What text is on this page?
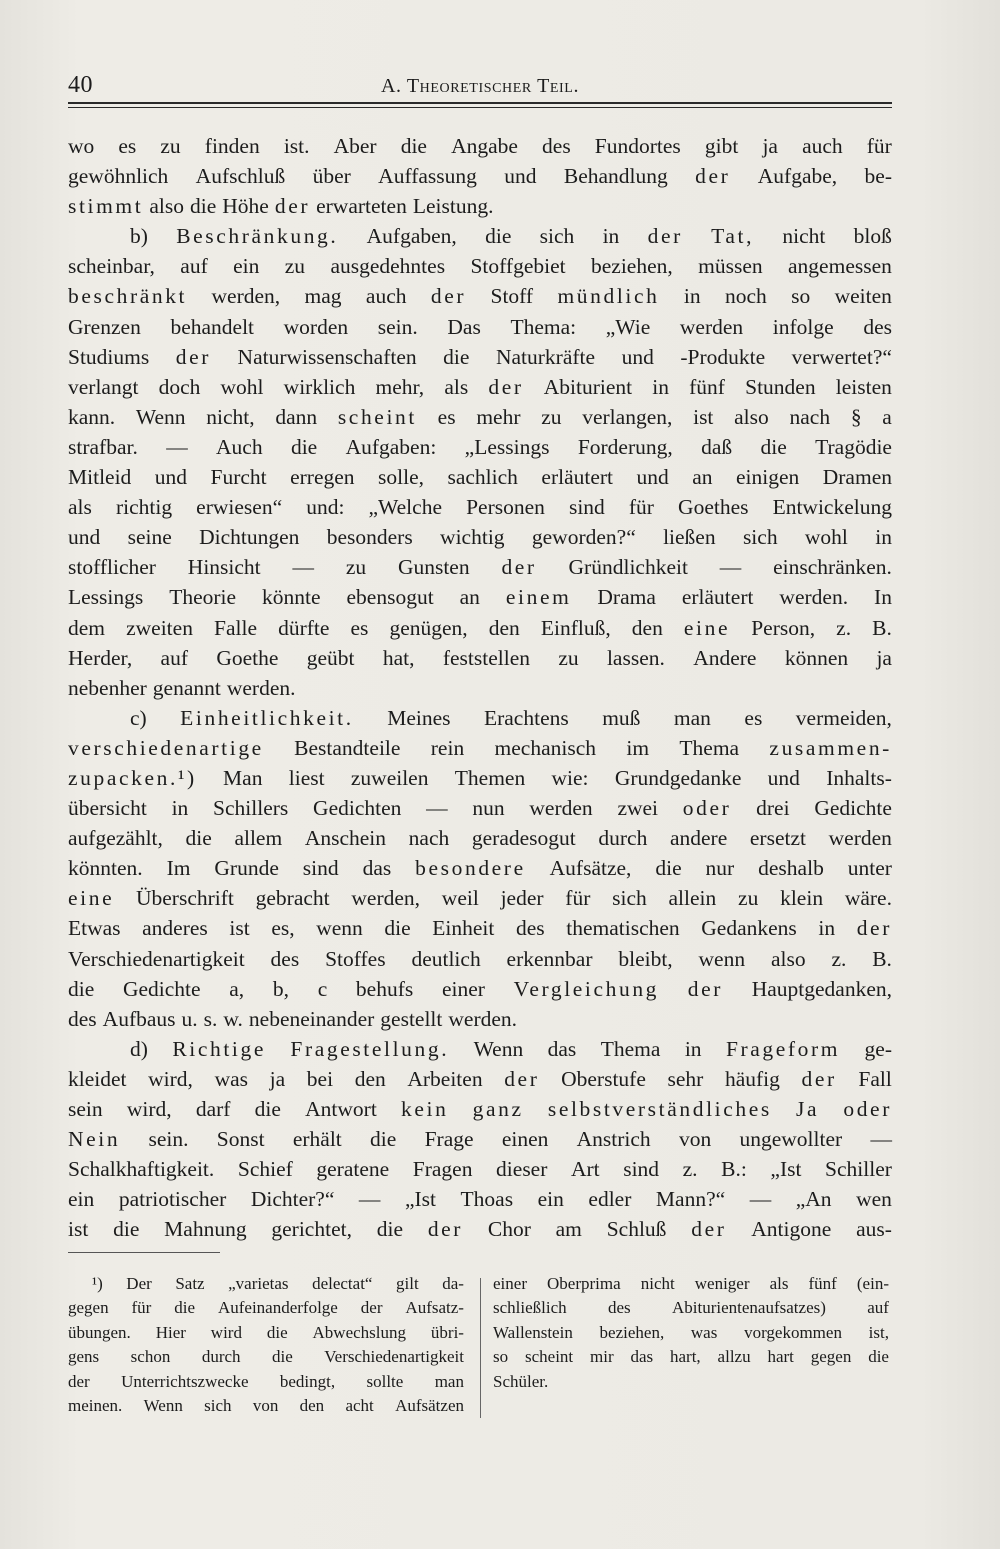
40	A. Theoretischer Teil.
wo es zu finden ist. Aber die Angabe des Fundortes gibt ja auch für
gewöhnlich Aufschluß über Auffassung und Behandlung der Aufgabe, be-
stimmt also die Höhe der erwarteten Leistung.
b) Beschränkung. Aufgaben, die sich in der Tat, nicht bloß
scheinbar, auf ein zu ausgedehntes Stoffgebiet beziehen, müssen angemessen
beschränkt werden, mag auch der Stoff mündlich in noch so weiten
Grenzen behandelt worden sein. Das Thema: „Wie werden infolge des
Studiums der Naturwissenschaften die Naturkräfte und -Produkte verwertet?“
verlangt doch wohl wirklich mehr, als der Abiturient in fünf Stunden leisten
kann. Wenn nicht, dann scheint es mehr zu verlangen, ist also nach § a
strafbar. — Auch die Aufgaben: „Lessings Forderung, daß die Tragödie
Mitleid und Furcht erregen solle, sachlich erläutert und an einigen Dramen
als richtig erwiesen“ und: „Welche Personen sind für Goethes Entwickelung
und seine Dichtungen besonders wichtig geworden?“ ließen sich wohl in
stofflicher Hinsicht — zu Gunsten der Gründlichkeit — einschränken.
Lessings Theorie könnte ebensogut an einem Drama erläutert werden. In
dem zweiten Falle dürfte es genügen, den Einfluß, den eine Person, z. B.
Herder, auf Goethe geübt hat, feststellen zu lassen. Andere können ja
nebenher genannt werden.
c) Einheitlichkeit. Meines Erachtens muß man es vermeiden,
verschiedenartige Bestandteile rein mechanisch im Thema zusammen-
zupacken.¹) Man liest zuweilen Themen wie: Grundgedanke und Inhalts-
übersicht in Schillers Gedichten — nun werden zwei oder drei Gedichte
aufgezählt, die allem Anschein nach geradesogut durch andere ersetzt werden
könnten. Im Grunde sind das besondere Aufsätze, die nur deshalb unter
eine Überschrift gebracht werden, weil jeder für sich allein zu klein wäre.
Etwas anderes ist es, wenn die Einheit des thematischen Gedankens in der
Verschiedenartigkeit des Stoffes deutlich erkennbar bleibt, wenn also z. B.
die Gedichte a, b, c behufs einer Vergleichung der Hauptgedanken,
des Aufbaus u. s. w. nebeneinander gestellt werden.
d) Richtige Fragestellung. Wenn das Thema in Frageform ge-
kleidet wird, was ja bei den Arbeiten der Oberstufe sehr häufig der Fall
sein wird, darf die Antwort kein ganz selbstverständliches Ja oder
Nein sein. Sonst erhält die Frage einen Anstrich von ungewollter —
Schalkhaftigkeit. Schief geratene Fragen dieser Art sind z. B.: „Ist Schiller
ein patriotischer Dichter?“ — „Ist Thoas ein edler Mann?“ — „An wen
ist die Mahnung gerichtet, die der Chor am Schluß der Antigone aus-
¹) Der Satz „varietas delectat“ gilt da-
gegen für die Aufeinanderfolge der Aufsatz-
übungen. Hier wird die Abwechslung übri-
gens schon durch die Verschiedenartigkeit
der Unterrichtszwecke bedingt, sollte man
meinen. Wenn sich von den acht Aufsätzen
einer Oberprima nicht weniger als fünf (ein-
schließlich des Abiturientenaufsatzes) auf
Wallenstein beziehen, was vorgekommen ist,
so scheint mir das hart, allzu hart gegen die
Schüler.
